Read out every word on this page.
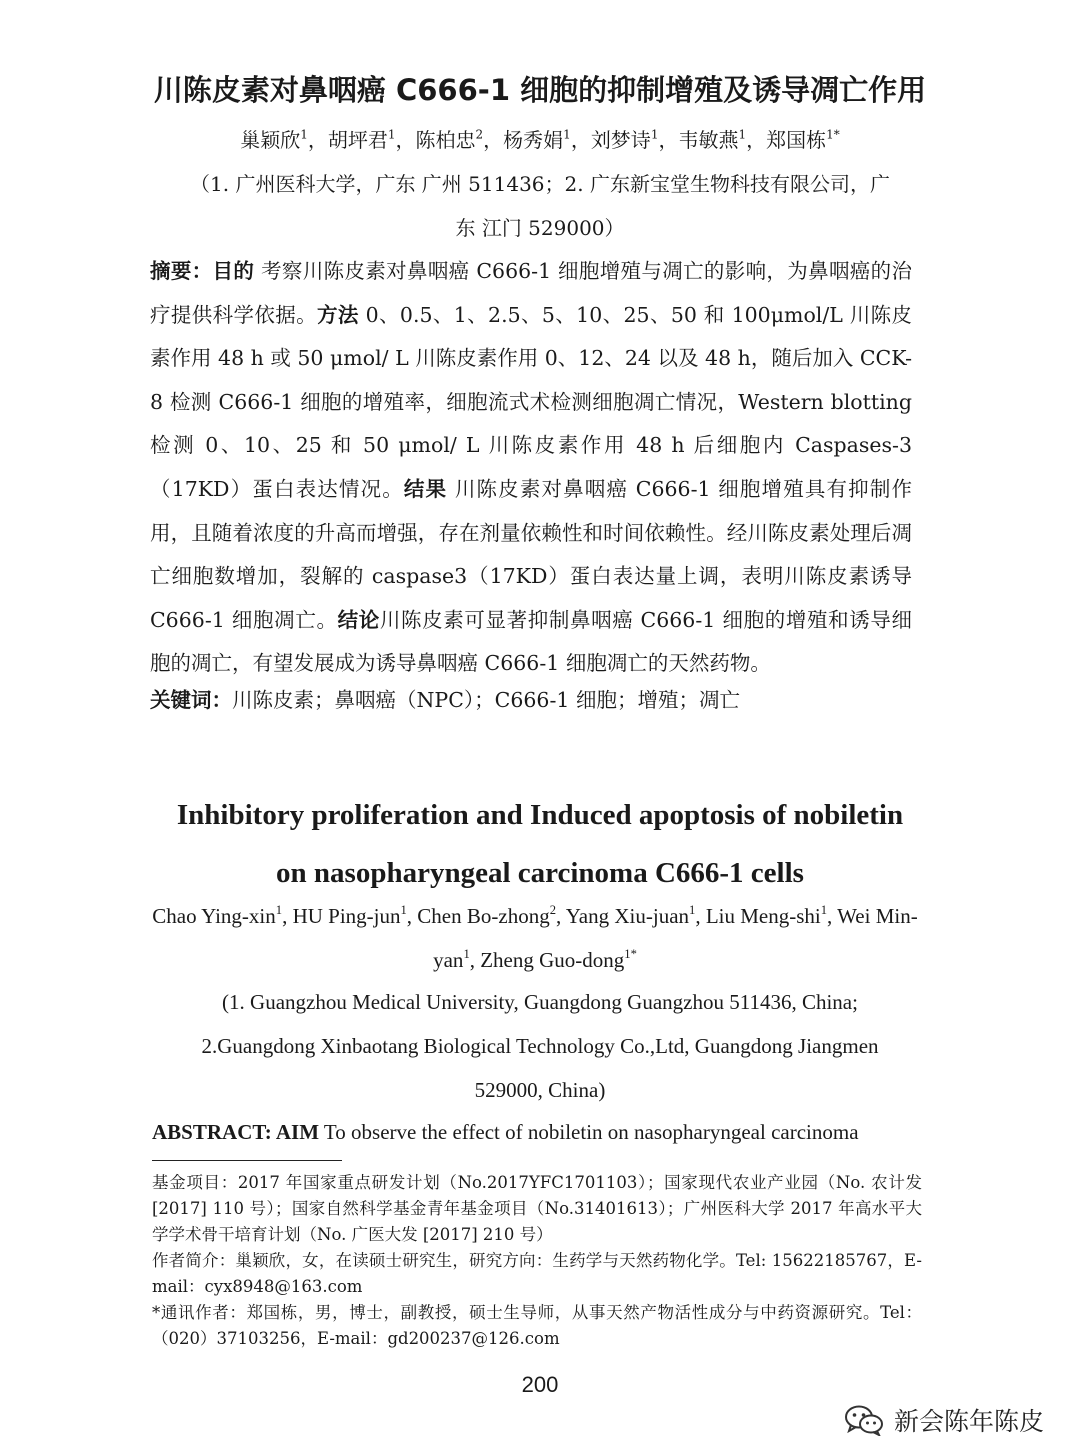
川陈皮素对鼻咽癌 C666-1 细胞的抑制增殖及诱导凋亡作用
巢颖欣$^1$，胡坪君$^1$，陈柏忠$^2$，杨秀娟$^1$，刘梦诗$^1$，韦敏燕$^1$，郑国栋$^{1*}$
（1. 广州医科大学，广东 广州 511436；2. 广东新宝堂生物科技有限公司，广
东 江门 529000）
摘要：目的 考察川陈皮素对鼻咽癌 C666-1 细胞增殖与凋亡的影响，为鼻咽癌的治疗提供科学依据。方法 0、0.5、1、2.5、5、10、25、50 和 100μmol/L 川陈皮素作用 48 h 或 50 μmol/ L 川陈皮素作用 0、12、24 以及 48 h，随后加入 CCK-8 检测 C666-1 细胞的增殖率，细胞流式术检测细胞凋亡情况，Western blotting 检测 0、10、25 和 50 μmol/ L 川陈皮素作用 48 h 后细胞内 Caspases-3（17KD）蛋白表达情况。结果 川陈皮素对鼻咽癌 C666-1 细胞增殖具有抑制作用，且随着浓度的升高而增强，存在剂量依赖性和时间依赖性。经川陈皮素处理后凋亡细胞数增加，裂解的 caspase3（17KD）蛋白表达量上调，表明川陈皮素诱导 C666-1 细胞凋亡。结论川陈皮素可显著抑制鼻咽癌 C666-1 细胞的增殖和诱导细胞的凋亡，有望发展成为诱导鼻咽癌 C666-1 细胞凋亡的天然药物。
关键词：川陈皮素；鼻咽癌（NPC）；C666-1 细胞；增殖；凋亡
Inhibitory proliferation and Induced apoptosis of nobiletin
on nasopharyngeal carcinoma C666-1 cells
Chao Ying-xin$^1$, HU Ping-jun$^1$, Chen Bo-zhong$^2$, Yang Xiu-juan$^1$, Liu Meng-shi$^1$, Wei Min-yan$^1$, Zheng Guo-dong$^{1*}$
(1. Guangzhou Medical University, Guangdong Guangzhou 511436, China;
2.Guangdong Xinbaotang Biological Technology Co.,Ltd, Guangdong Jiangmen
529000, China)
ABSTRACT: AIM To observe the effect of nobiletin on nasopharyngeal carcinoma

基金项目：2017 年国家重点研发计划（No.2017YFC1701103）；国家现代农业产业园（No. 农计发 [2017] 110 号）；国家自然科学基金青年基金项目（No.31401613）；广州医科大学 2017 年高水平大学学术骨干培育计划（No. 广医大发 [2017] 210 号）

作者简介：巢颖欣，女，在读硕士研究生，研究方向：生药学与天然药物化学。Tel: 15622185767，E-mail：cyx8948@163.com

*通讯作者：郑国栋，男，博士，副教授，硕士生导师，从事天然产物活性成分与中药资源研究。Tel：（020）37103256，E-mail：gd200237@126.com

200
新会陈年陈皮
